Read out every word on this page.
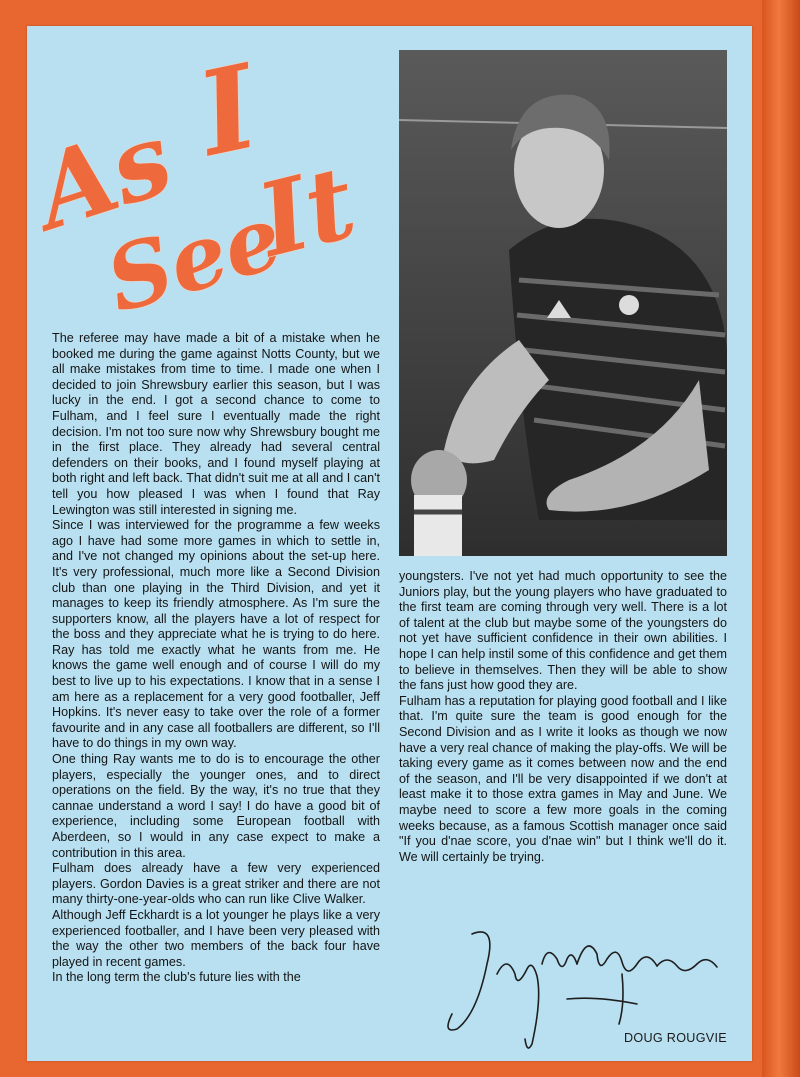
As I
See
It

The referee may have made a bit of a mistake when he booked me during the game against Notts County, but we all make mistakes from time to time. I made one when I decided to join Shrewsbury earlier this season, but I was lucky in the end. I got a second chance to come to Fulham, and I feel sure I eventually made the right decision. I'm not too sure now why Shrewsbury bought me in the first place. They already had several central defenders on their books, and I found myself playing at both right and left back. That didn't suit me at all and I can't tell you how pleased I was when I found that Ray Lewington was still interested in signing me.

Since I was interviewed for the programme a few weeks ago I have had some more games in which to settle in, and I've not changed my opinions about the set-up here. It's very professional, much more like a Second Division club than one playing in the Third Division, and yet it manages to keep its friendly atmosphere. As I'm sure the supporters know, all the players have a lot of respect for the boss and they appreciate what he is trying to do here. Ray has told me exactly what he wants from me. He knows the game well enough and of course I will do my best to live up to his expectations. I know that in a sense I am here as a replacement for a very good footballer, Jeff Hopkins. It's never easy to take over the role of a former favourite and in any case all footballers are different, so I'll have to do things in my own way.

One thing Ray wants me to do is to encourage the other players, especially the younger ones, and to direct operations on the field. By the way, it's no true that they cannae understand a word I say! I do have a good bit of experience, including some European football with Aberdeen, so I would in any case expect to make a contribution in this area.

Fulham does already have a few very experienced players. Gordon Davies is a great striker and there are not many thirty-one-year-olds who can run like Clive Walker.

Although Jeff Eckhardt is a lot younger he plays like a very experienced footballer, and I have been very pleased with the way the other two members of the back four have played in recent games.

In the long term the club's future lies with the

youngsters. I've not yet had much opportunity to see the Juniors play, but the young players who have graduated to the first team are coming through very well. There is a lot of talent at the club but maybe some of the youngsters do not yet have sufficient confidence in their own abilities. I hope I can help instil some of this confidence and get them to believe in themselves. Then they will be able to show the fans just how good they are.

Fulham has a reputation for playing good football and I like that. I'm quite sure the team is good enough for the Second Division and as I write it looks as though we now have a very real chance of making the play-offs. We will be taking every game as it comes between now and the end of the season, and I'll be very disappointed if we don't at least make it to those extra games in May and June. We maybe need to score a few more goals in the coming weeks because, as a famous Scottish manager once said "If you d'nae score, you d'nae win" but I think we'll do it. We will certainly be trying.

DOUG ROUGVIE
